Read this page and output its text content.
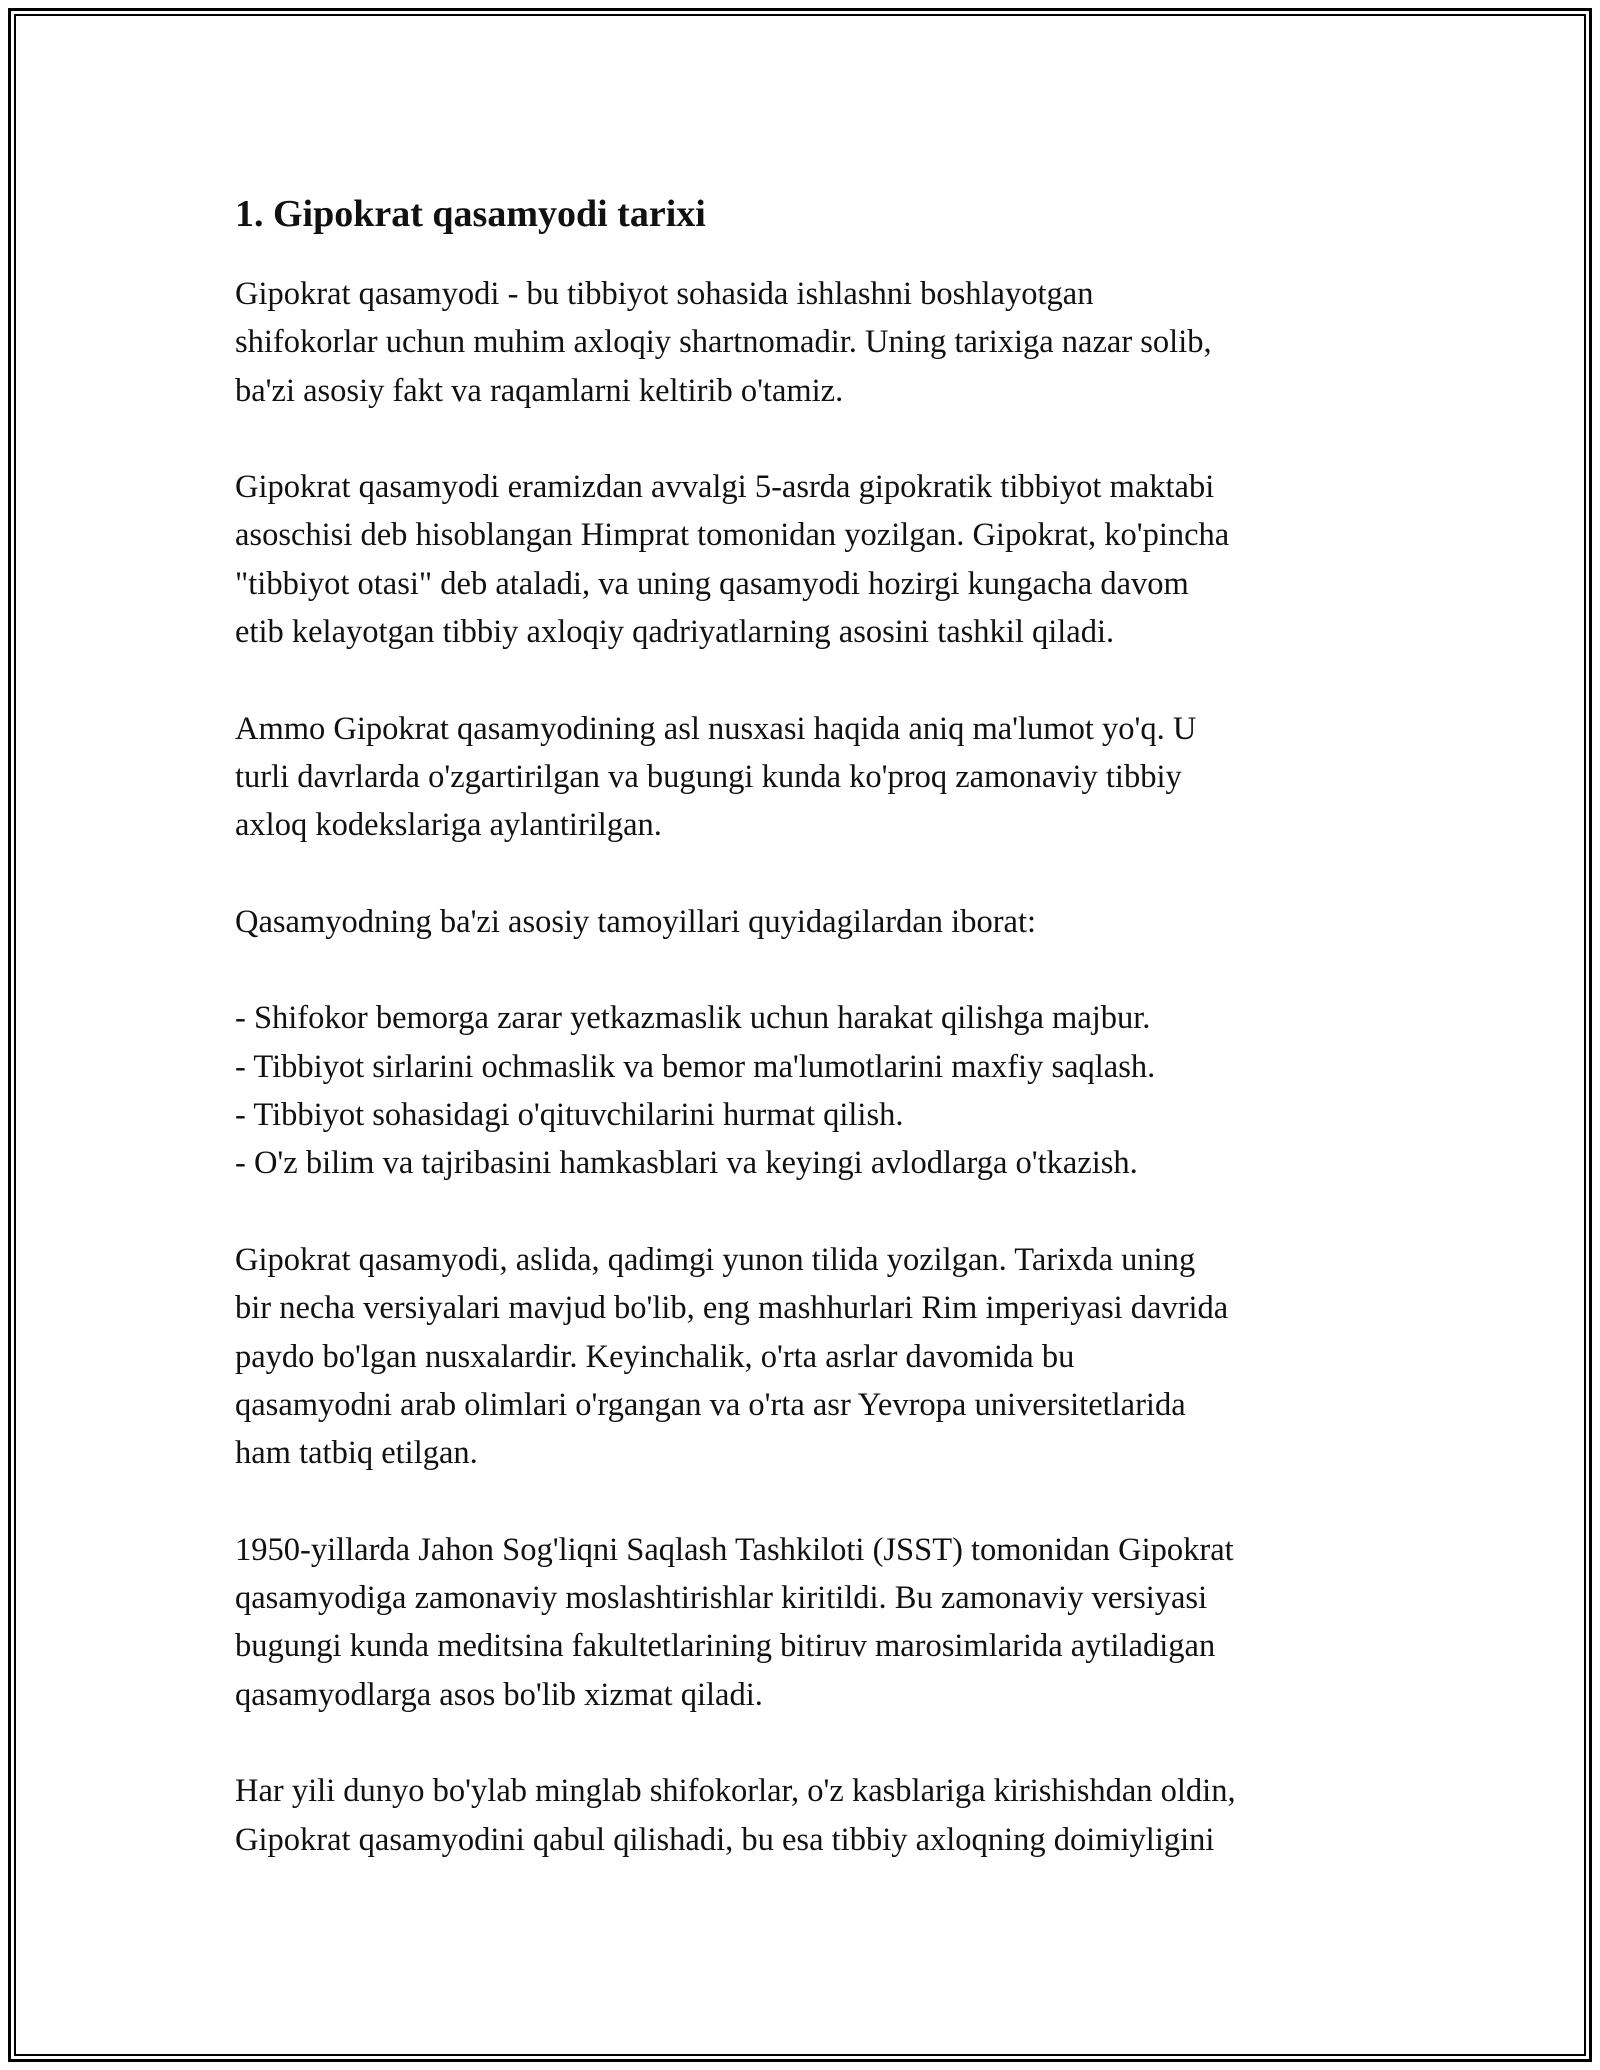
1. Gipokrat qasamyodi tarixi

Gipokrat qasamyodi - bu tibbiyot sohasida ishlashni boshlayotgan
shifokorlar uchun muhim axloqiy shartnomadir. Uning tarixiga nazar solib,
ba'zi asosiy fakt va raqamlarni keltirib o'tamiz.

Gipokrat qasamyodi eramizdan avvalgi 5-asrda gipokratik tibbiyot maktabi
asoschisi deb hisoblangan Himprat tomonidan yozilgan. Gipokrat, ko'pincha
"tibbiyot otasi" deb ataladi, va uning qasamyodi hozirgi kungacha davom
etib kelayotgan tibbiy axloqiy qadriyatlarning asosini tashkil qiladi.

Ammo Gipokrat qasamyodining asl nusxasi haqida aniq ma'lumot yo'q. U
turli davrlarda o'zgartirilgan va bugungi kunda ko'proq zamonaviy tibbiy
axloq kodekslariga aylantirilgan.

Qasamyodning ba'zi asosiy tamoyillari quyidagilardan iborat:

- Shifokor bemorga zarar yetkazmaslik uchun harakat qilishga majbur.
- Tibbiyot sirlarini ochmaslik va bemor ma'lumotlarini maxfiy saqlash.
- Tibbiyot sohasidagi o'qituvchilarini hurmat qilish.
- O'z bilim va tajribasini hamkasblari va keyingi avlodlarga o'tkazish.

Gipokrat qasamyodi, aslida, qadimgi yunon tilida yozilgan. Tarixda uning
bir necha versiyalari mavjud bo'lib, eng mashhurlari Rim imperiyasi davrida
paydo bo'lgan nusxalardir. Keyinchalik, o'rta asrlar davomida bu
qasamyodni arab olimlari o'rgangan va o'rta asr Yevropa universitetlarida
ham tatbiq etilgan.

1950-yillarda Jahon Sog'liqni Saqlash Tashkiloti (JSST) tomonidan Gipokrat
qasamyodiga zamonaviy moslashtirishlar kiritildi. Bu zamonaviy versiyasi
bugungi kunda meditsina fakultetlarining bitiruv marosimlarida aytiladigan
qasamyodlarga asos bo'lib xizmat qiladi.

Har yili dunyo bo'ylab minglab shifokorlar, o'z kasblariga kirishishdan oldin,
Gipokrat qasamyodini qabul qilishadi, bu esa tibbiy axloqning doimiyligini
